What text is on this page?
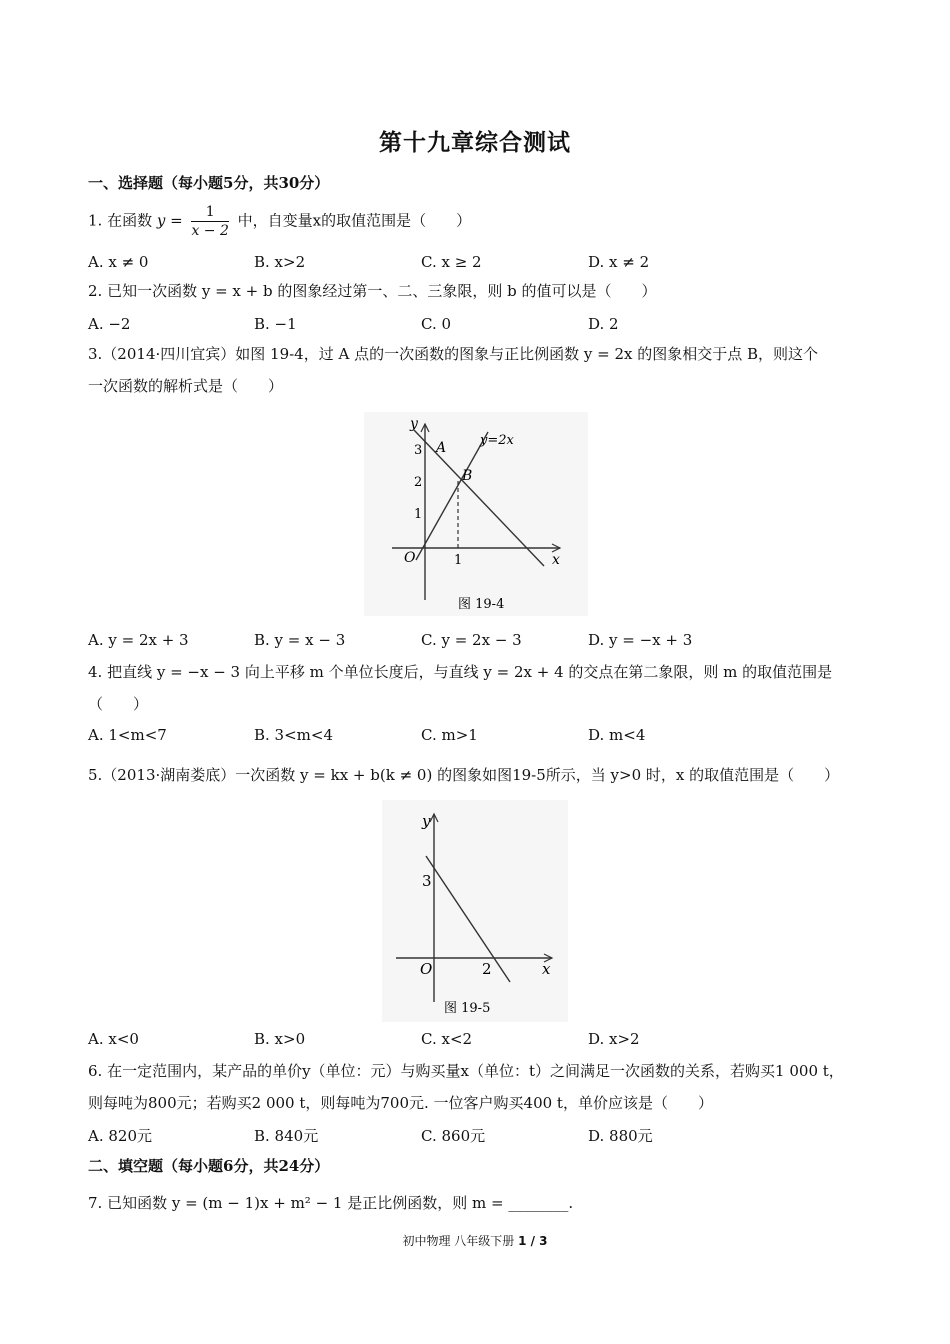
第十九章综合测试
一、选择题（每小题5分，共30分）
1. 在函数 $y = \frac{1}{x - 2}$ 中，自变量x的取值范围是（　　）
A. x ≠ 0	B. x>2	C. x ≥ 2	D. x ≠ 2
2. 已知一次函数 y = x + b 的图象经过第一、二、三象限，则 b 的值可以是（　　）
A. −2	B. −1	C. 0	D. 2
3.（2014·四川宜宾）如图 19-4，过 A 点的一次函数的图象与正比例函数 y = 2x 的图象相交于点 B，则这个
一次函数的解析式是（　　）
y
x
O
3
2
1
1
A
B
y=2x
图 19-4
A. y = 2x + 3	B. y = x − 3	C. y = 2x − 3	D. y = −x + 3
4. 把直线 y = −x − 3 向上平移 m 个单位长度后，与直线 y = 2x + 4 的交点在第二象限，则 m 的取值范围是
（　　）
A. 1<m<7	B. 3<m<4	C. m>1	D. m<4
5.（2013·湖南娄底）一次函数 y = kx + b(k ≠ 0) 的图象如图19-5所示，当 y>0 时，x 的取值范围是（　　）
y
x
O
3
2
图 19-5
A. x<0	B. x>0	C. x<2	D. x>2
6. 在一定范围内，某产品的单价y（单位：元）与购买量x（单位：t）之间满足一次函数的关系，若购买1 000 t，
则每吨为800元；若购买2 000 t，则每吨为700元. 一位客户购买400 t，单价应该是（　　）
A. 820元	B. 840元	C. 860元	D. 880元
二、填空题（每小题6分，共24分）
7. 已知函数 y = (m − 1)x + m² − 1 是正比例函数，则 m = ________.
初中物理 八年级下册 1 / 3
